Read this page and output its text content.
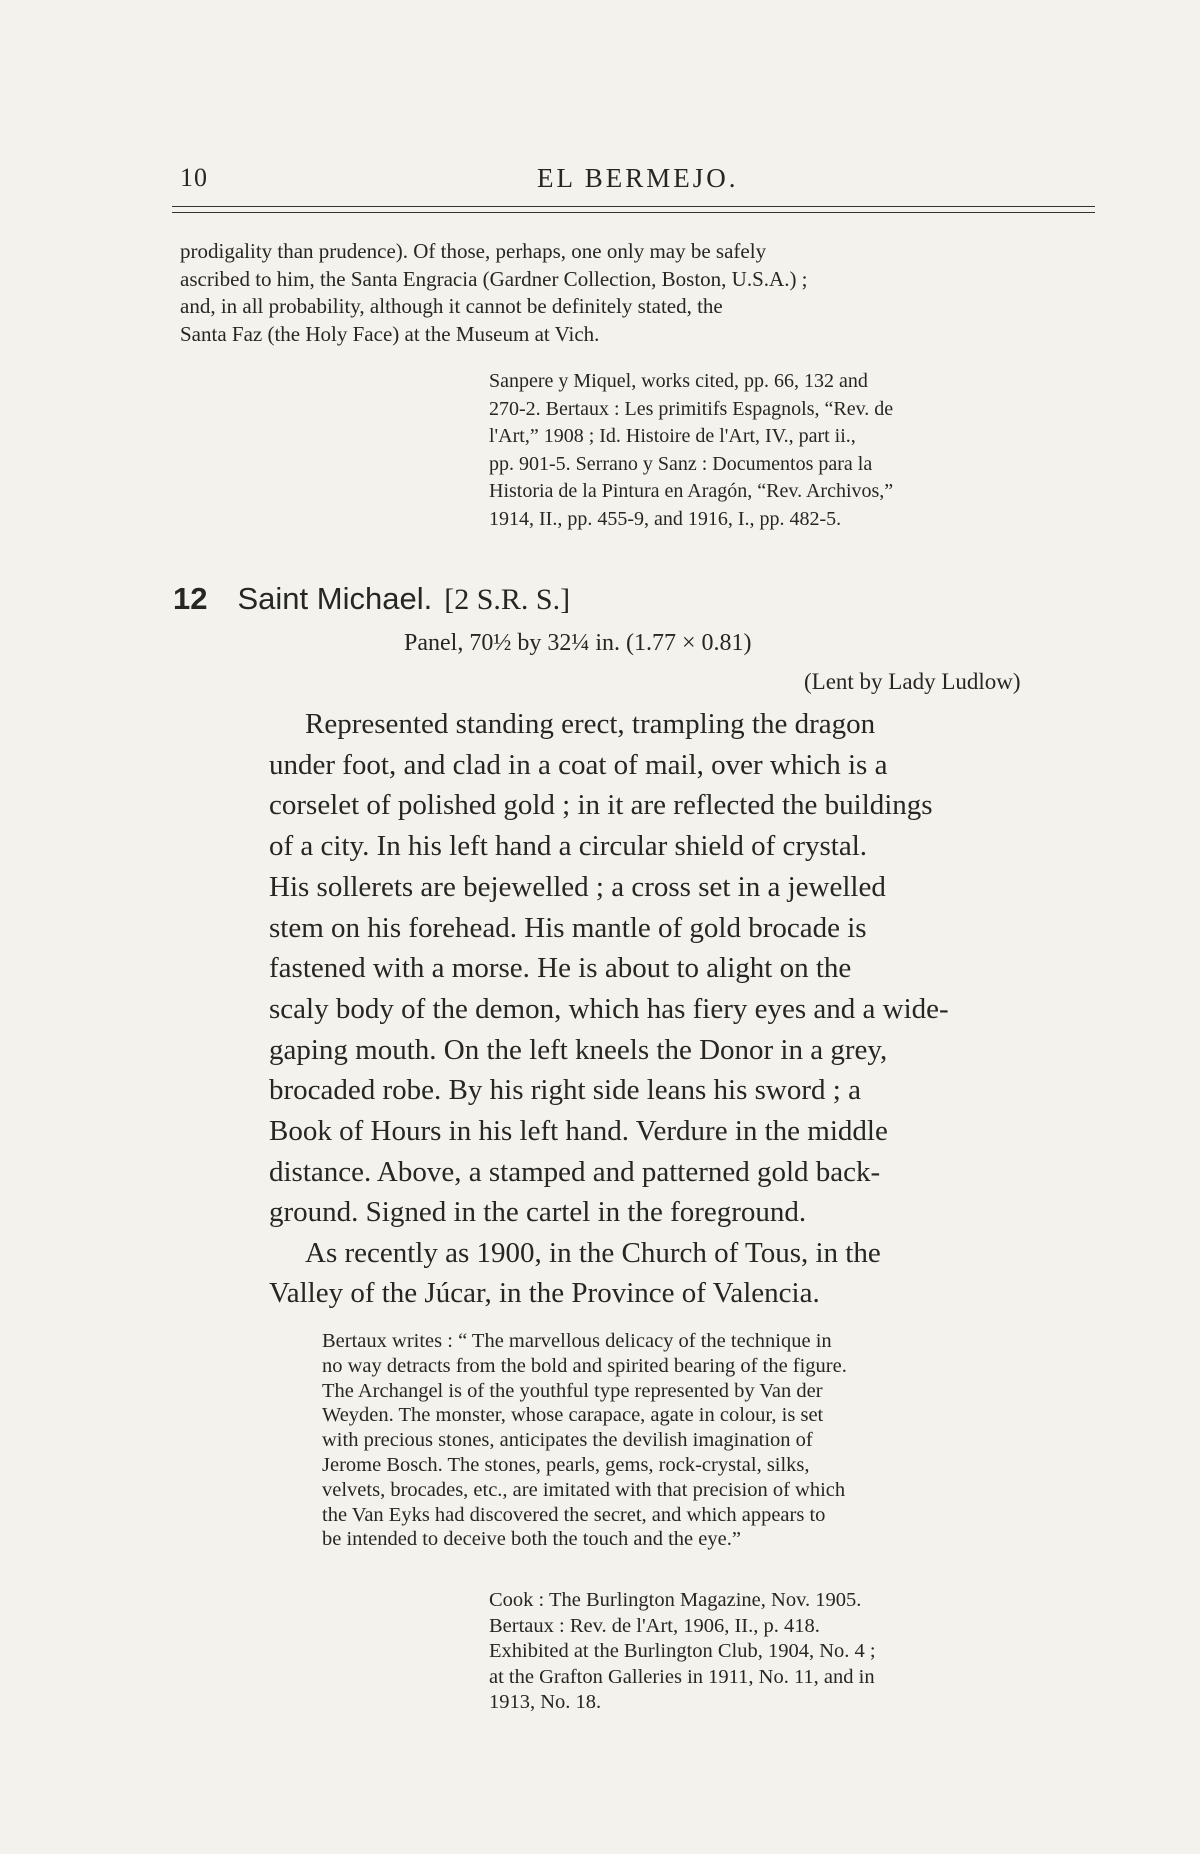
10	EL BERMEJO.
prodigality than prudence). Of those, perhaps, one only may be safely
ascribed to him, the Santa Engracia (Gardner Collection, Boston, U.S.A.) ;
and, in all probability, although it cannot be definitely stated, the
Santa Faz (the Holy Face) at the Museum at Vich.
Sanpere y Miquel, works cited, pp. 66, 132 and
270-2. Bertaux : Les primitifs Espagnols, “Rev. de
l'Art,” 1908 ; Id. Histoire de l'Art, IV., part ii.,
pp. 901-5. Serrano y Sanz : Documentos para la
Historia de la Pintura en Aragón, “Rev. Archivos,”
1914, II., pp. 455-9, and 1916, I., pp. 482-5.
12 Saint Michael. [2 S.R. S.]
Panel, 70½ by 32¼ in. (1.77 × 0.81)
(Lent by Lady Ludlow)
Represented standing erect, trampling the dragon
under foot, and clad in a coat of mail, over which is a
corselet of polished gold ; in it are reflected the buildings
of a city. In his left hand a circular shield of crystal.
His sollerets are bejewelled ; a cross set in a jewelled
stem on his forehead. His mantle of gold brocade is
fastened with a morse. He is about to alight on the
scaly body of the demon, which has fiery eyes and a wide-
gaping mouth. On the left kneels the Donor in a grey,
brocaded robe. By his right side leans his sword ; a
Book of Hours in his left hand. Verdure in the middle
distance. Above, a stamped and patterned gold back-
ground. Signed in the cartel in the foreground.
As recently as 1900, in the Church of Tous, in the
Valley of the Júcar, in the Province of Valencia.
Bertaux writes : “ The marvellous delicacy of the technique in
no way detracts from the bold and spirited bearing of the figure.
The Archangel is of the youthful type represented by Van der
Weyden. The monster, whose carapace, agate in colour, is set
with precious stones, anticipates the devilish imagination of
Jerome Bosch. The stones, pearls, gems, rock-crystal, silks,
velvets, brocades, etc., are imitated with that precision of which
the Van Eyks had discovered the secret, and which appears to
be intended to deceive both the touch and the eye.”
Cook : The Burlington Magazine, Nov. 1905.
Bertaux : Rev. de l'Art, 1906, II., p. 418.
Exhibited at the Burlington Club, 1904, No. 4 ;
at the Grafton Galleries in 1911, No. 11, and in
1913, No. 18.
